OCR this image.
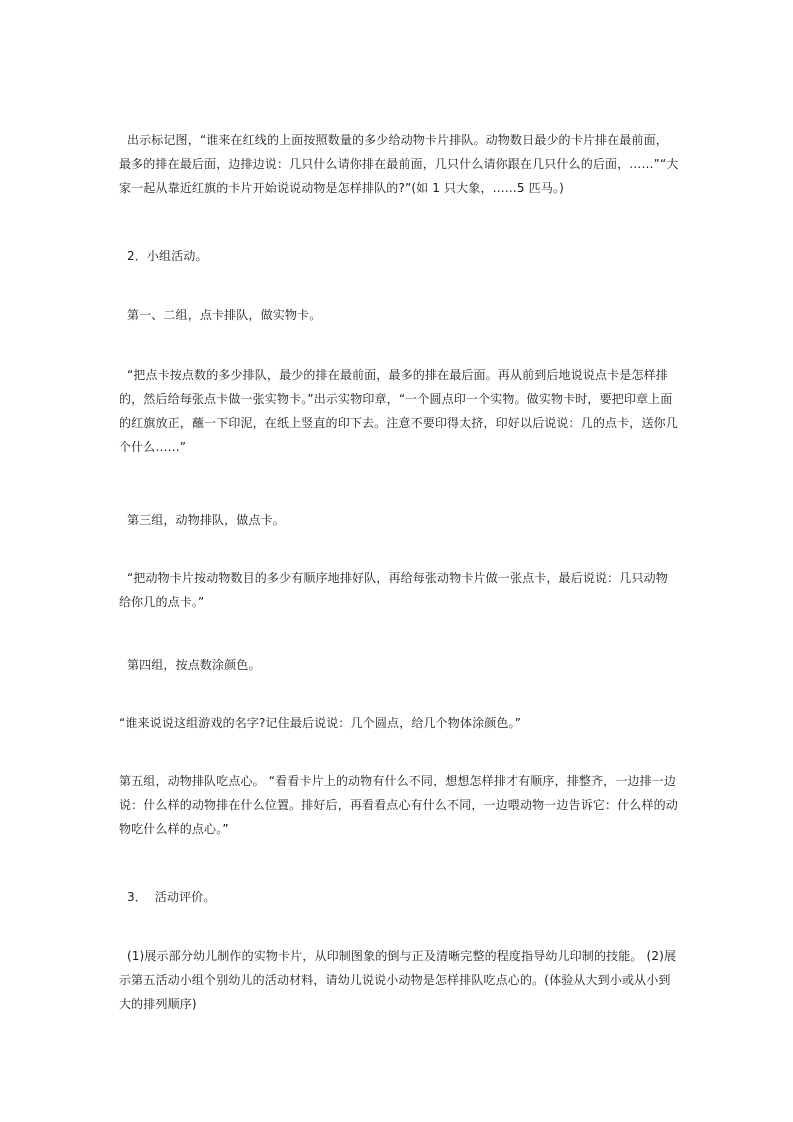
出示标记图，“谁来在红线的上面按照数量的多少给动物卡片排队。动物数日最少的卡片排在最前面，最多的排在最后面，边排边说：几只什么请你排在最前面，几只什么请你跟在几只什么的后面，……”“大家一起从靠近红旗的卡片开始说说动物是怎样排队的?”(如 1 只大象，……5 匹马。)
2．小组活动。
第一、二组，点卡排队，做实物卡。
“把点卡按点数的多少排队，最少的排在最前面，最多的排在最后面。再从前到后地说说点卡是怎样排的，然后给每张点卡做一张实物卡。”出示实物印章，“一个圆点印一个实物。做实物卡时，要把印章上面的红旗放正，蘸一下印泥，在纸上竖直的印下去。注意不要印得太挤，印好以后说说：几的点卡，送你几个什么……”
第三组，动物排队，做点卡。
“把动物卡片按动物数目的多少有顺序地排好队，再给每张动物卡片做一张点卡，最后说说：几只动物给你几的点卡。”
第四组，按点数涂颜色。
“谁来说说这组游戏的名字?记住最后说说：几个圆点，给几个物体涂颜色。”
第五组，动物排队吃点心。 “看看卡片上的动物有什么不同，想想怎样排才有顺序，排整齐，一边排一边说：什么样的动物排在什么位置。排好后，再看看点心有什么不同，一边喂动物一边告诉它：什么样的动物吃什么样的点心。”
3．  活动评价。
(1)展示部分幼儿制作的实物卡片，从印制图象的倒与正及清晰完整的程度指导幼儿印制的技能。 (2)展示第五活动小组个别幼儿的活动材料，请幼儿说说小动物是怎样排队吃点心的。(体验从大到小或从小到大的排列顺序)
